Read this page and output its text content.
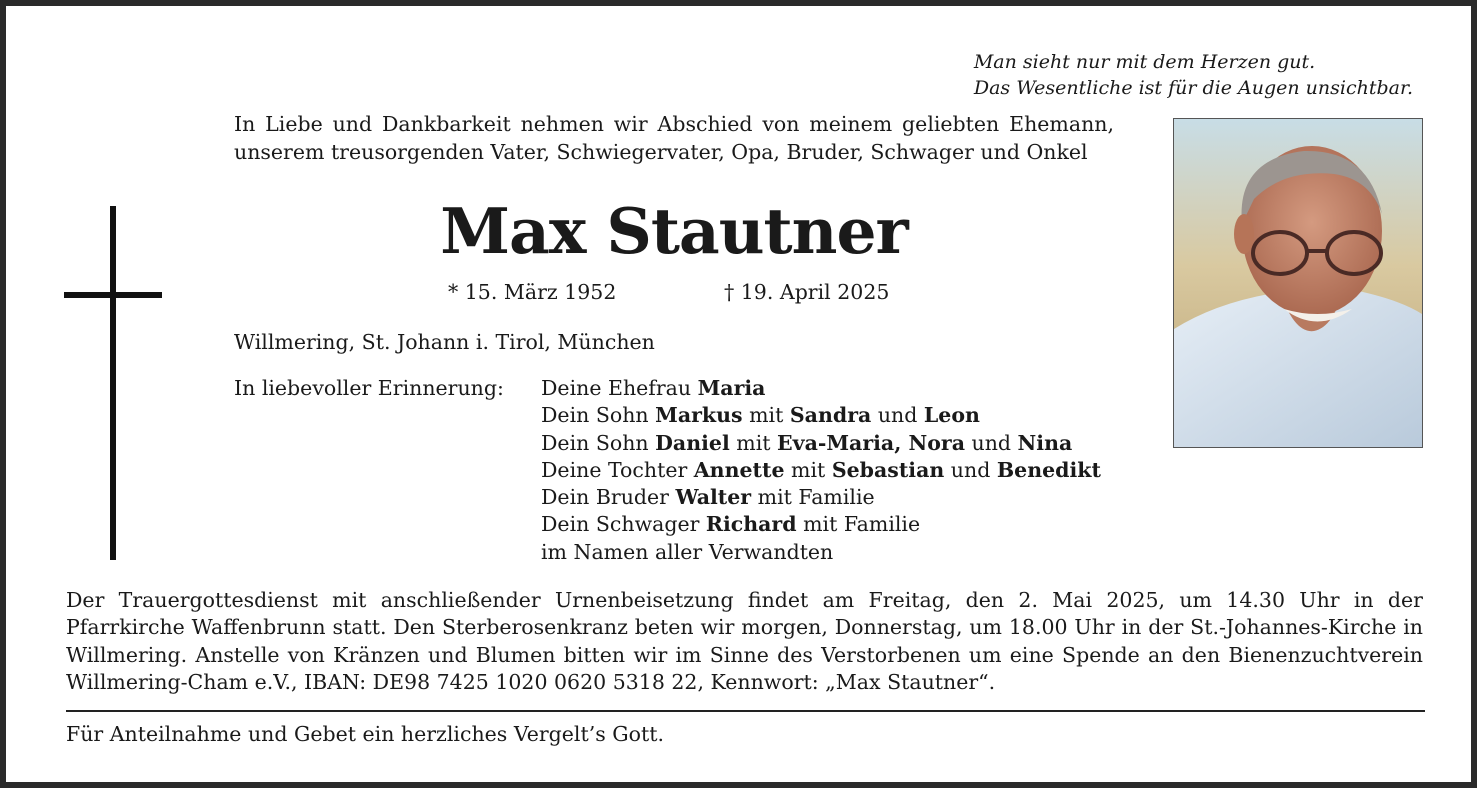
Man sieht nur mit dem Herzen gut.
Das Wesentliche ist für die Augen unsichtbar.
In Liebe und Dankbarkeit nehmen wir Abschied von meinem geliebten Ehemann, unserem treusorgenden Vater, Schwiegervater, Opa, Bruder, Schwager und Onkel
Max Stautner
* 15. März 1952	† 19. April 2025
Willmering, St. Johann i. Tirol, München
In liebevoller Erinnerung: Deine Ehefrau Maria
Dein Sohn Markus mit Sandra und Leon
Dein Sohn Daniel mit Eva-Maria, Nora und Nina
Deine Tochter Annette mit Sebastian und Benedikt
Dein Bruder Walter mit Familie
Dein Schwager Richard mit Familie
im Namen aller Verwandten
Der Trauergottesdienst mit anschließender Urnenbeisetzung findet am Freitag, den 2. Mai 2025, um 14.30 Uhr in der Pfarrkirche Waffenbrunn statt. Den Sterberosenkranz beten wir morgen, Donnerstag, um 18.00 Uhr in der St.-Johannes-Kirche in Willmering. Anstelle von Kränzen und Blumen bitten wir im Sinne des Verstorbenen um eine Spende an den Bienenzuchtverein Willmering-Cham e.V., IBAN: DE98 7425 1020 0620 5318 22, Kennwort: „Max Stautner“.
Für Anteilnahme und Gebet ein herzliches Vergelt’s Gott.
